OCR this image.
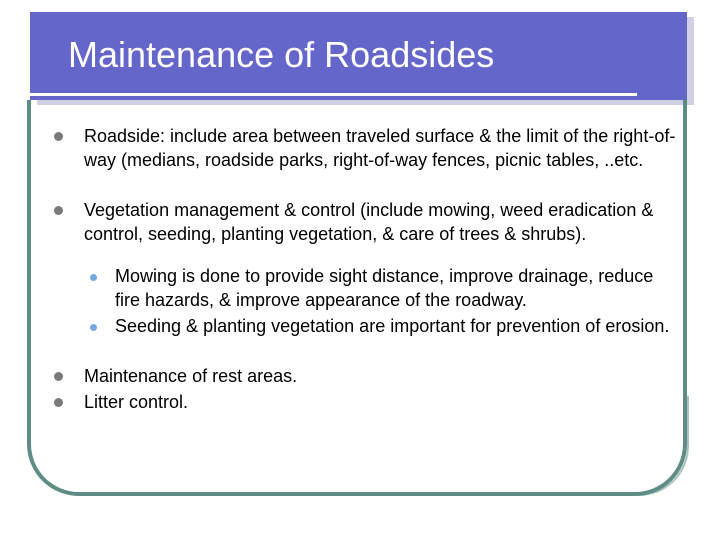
Maintenance of Roadsides
Roadside: include area between traveled surface & the limit of the right-of-way (medians, roadside parks, right-of-way fences, picnic tables, ..etc.
Vegetation management & control (include mowing, weed eradication & control, seeding, planting vegetation, & care of trees & shrubs).
Mowing is done to provide sight distance, improve drainage, reduce fire hazards, & improve appearance of the roadway.
Seeding & planting vegetation are important for prevention of erosion.
Maintenance of rest areas.
Litter control.
